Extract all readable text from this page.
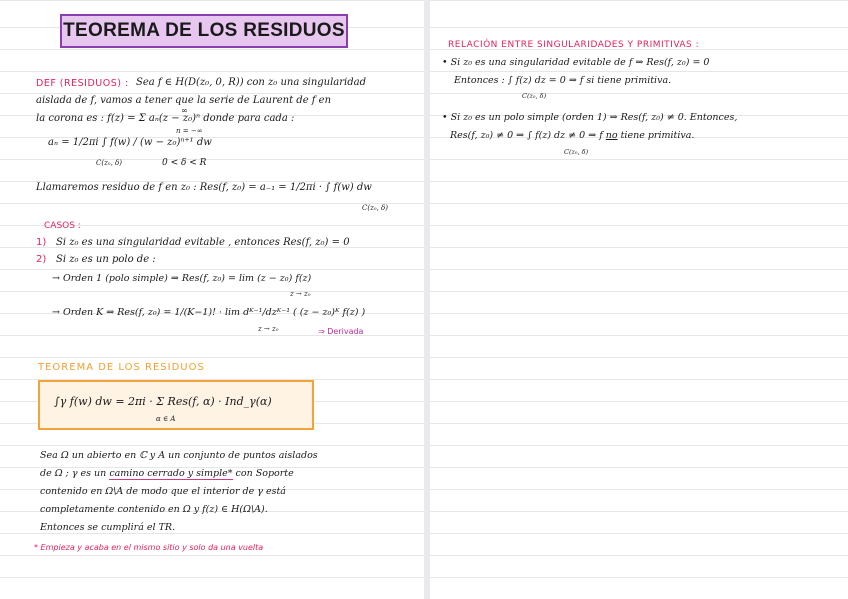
TEOREMA DE LOS RESIDUOS
DEF (RESIDUOS) : Sea f ∈ H(D(z₀, 0, R)) con z₀ una singularidad
aislada de f, vamos a tener que la serie de Laurent de f en
la corona es : f(z) = Σ aₙ(z − z₀)ⁿ donde para cada :
∞
n = −∞
aₙ = 1/2πi ∫ f(w) / (w − z₀)ⁿ⁺¹ dw
C(z₀, δ)	0 < δ < R
Llamaremos residuo de f en z₀ : Res(f, z₀) = a₋₁ = 1/2πi · ∫ f(w) dw
C(z₀, δ)
CASOS :
1) Si z₀ es una singularidad evitable , entonces Res(f, z₀) = 0
2) Si z₀ es un polo de :
→ Orden 1 (polo simple) ⇒ Res(f, z₀) = lim (z − z₀) f(z)
z → z₀
→ Orden K ⇒ Res(f, z₀) = 1/(K−1)! · lim dᴷ⁻¹/dzᴷ⁻¹ ( (z − z₀)ᴷ f(z) )
z → z₀	⇒ Derivada
TEOREMA DE LOS RESIDUOS
∫γ f(w) dw = 2πi · Σ Res(f, α) · Ind_γ(α)
α ∈ A
Sea Ω un abierto en ℂ y A un conjunto de puntos aislados
de Ω ; γ es un camino cerrado y simple* con Soporte
contenido en Ω\A de modo que el interior de γ está
completamente contenido en Ω y f(z) ∈ H(Ω\A).
Entonces se cumplirá el TR.
* Empieza y acaba en el mismo sitio y solo da una vuelta
RELACIÓN ENTRE SINGULARIDADES Y PRIMITIVAS :
• Si z₀ es una singularidad evitable de f ⇒ Res(f, z₀) = 0
Entonces : ∫ f(z) dz = 0 ⇒ f si tiene primitiva.
C(z₀, δ)
• Si z₀ es un polo simple (orden 1) ⇒ Res(f, z₀) ≠ 0. Entonces,
Res(f, z₀) ≠ 0 ⇒ ∫ f(z) dz ≠ 0 ⇒ f no tiene primitiva.
C(z₀, δ)
